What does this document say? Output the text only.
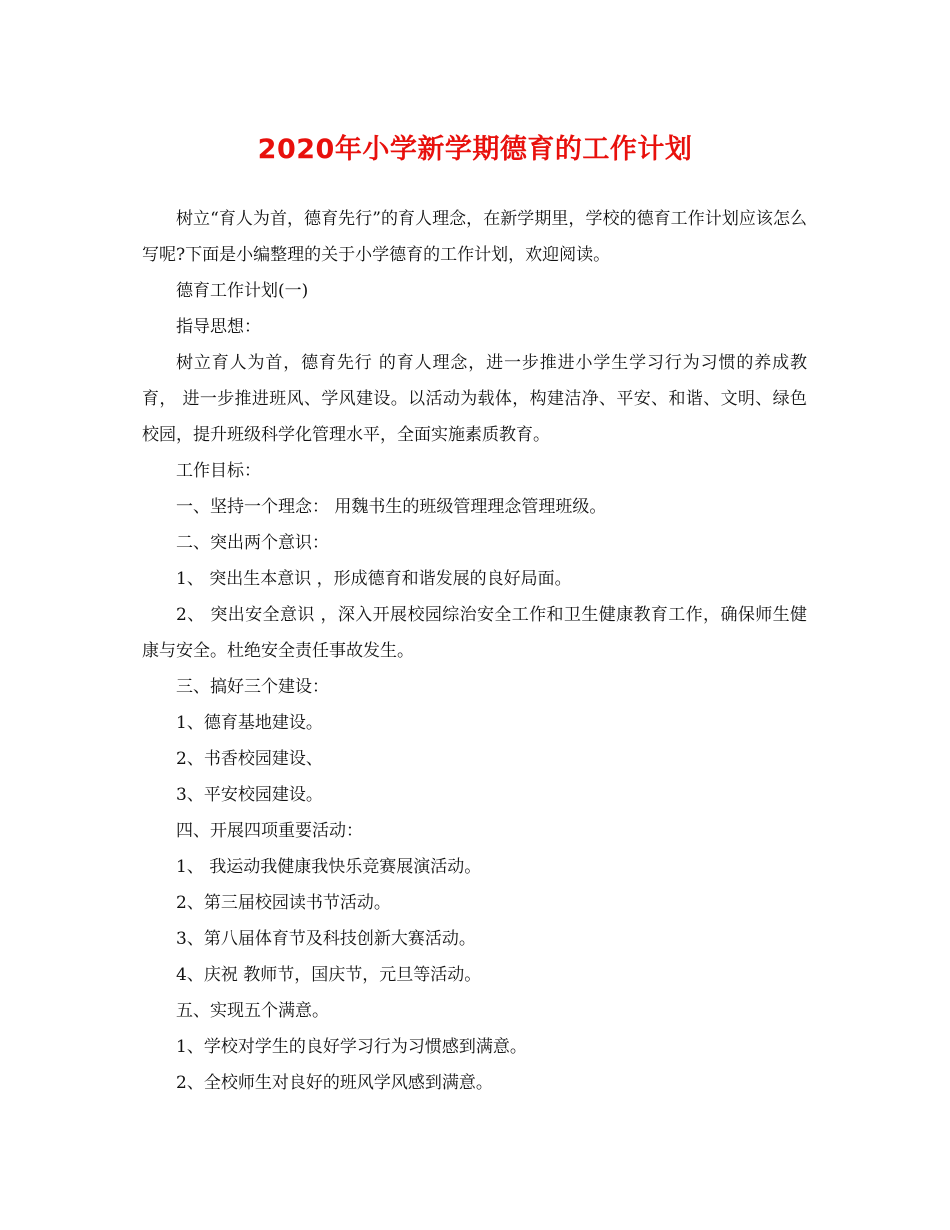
2020年小学新学期德育的工作计划

树立“育人为首，德育先行”的育人理念，在新学期里，学校的德育工作计划应该怎么写呢?下面是小编整理的关于小学德育的工作计划，欢迎阅读。

德育工作计划(一)

指导思想：

树立育人为首，德育先行 的育人理念，进一步推进小学生学习行为习惯的养成教育， 进一步推进班风、学风建设。以活动为载体，构建洁净、平安、和谐、文明、绿色校园，提升班级科学化管理水平，全面实施素质教育。

工作目标：

一、坚持一个理念： 用魏书生的班级管理理念管理班级。

二、突出两个意识：

1、 突出生本意识 ，形成德育和谐发展的良好局面。

2、 突出安全意识 ，深入开展校园综治安全工作和卫生健康教育工作，确保师生健康与安全。杜绝安全责任事故发生。

三、搞好三个建设：

1、德育基地建设。

2、书香校园建设、

3、平安校园建设。

四、开展四项重要活动：

1、 我运动我健康我快乐竞赛展演活动。

2、第三届校园读书节活动。

3、第八届体育节及科技创新大赛活动。

4、庆祝 教师节，国庆节，元旦等活动。

五、实现五个满意。

1、学校对学生的良好学习行为习惯感到满意。

2、全校师生对良好的班风学风感到满意。
